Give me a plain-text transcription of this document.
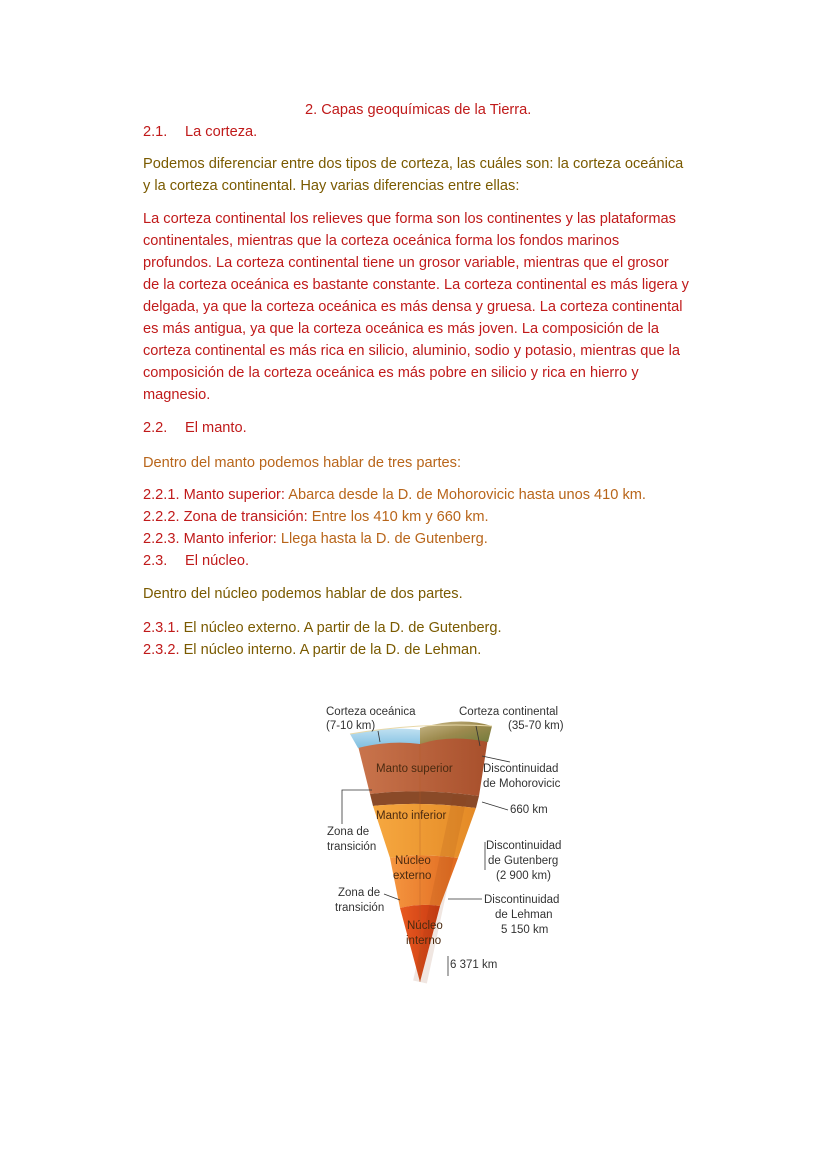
2. Capas geoquímicas de la Tierra.

2.1. La corteza.

Podemos diferenciar entre dos tipos de corteza, las cuáles son: la corteza oceánica

y la corteza continental. Hay varias diferencias entre ellas:

La corteza continental los relieves que forma son los continentes y las plataformas

continentales, mientras que la corteza oceánica forma los fondos marinos

profundos. La corteza continental tiene un grosor variable, mientras que el grosor

de la corteza oceánica es bastante constante. La corteza continental es más ligera y

delgada, ya que la corteza oceánica es más densa y gruesa. La corteza continental

es más antigua, ya que la corteza oceánica es más joven. La composición de la

corteza continental es más rica en silicio, aluminio, sodio y potasio, mientras que la

composición de la corteza oceánica es más pobre en silicio y rica en hierro y

magnesio.

2.2. El manto.

Dentro del manto podemos hablar de tres partes:

2.2.1. Manto superior: Abarca desde la D. de Mohorovicic hasta unos 410 km.

2.2.2. Zona de transición: Entre los 410 km y 660 km.

2.2.3. Manto inferior: Llega hasta la D. de Gutenberg.

2.3. El núcleo.

Dentro del núcleo podemos hablar de dos partes.

2.3.1. El núcleo externo. A partir de la D. de Gutenberg.

2.3.2. El núcleo interno. A partir de la D. de Lehman.

Corteza oceánica
(7-10 km)
Corteza continental
(35-70 km)
Manto superior
Manto inferior
Núcleo
externo
Núcleo
interno
Discontinuidad
de Mohorovicic
660 km
Discontinuidad
de Gutenberg
(2 900 km)
Discontinuidad
de Lehman
5 150 km
6 371 km
Zona de
transición
Zona de
transición
